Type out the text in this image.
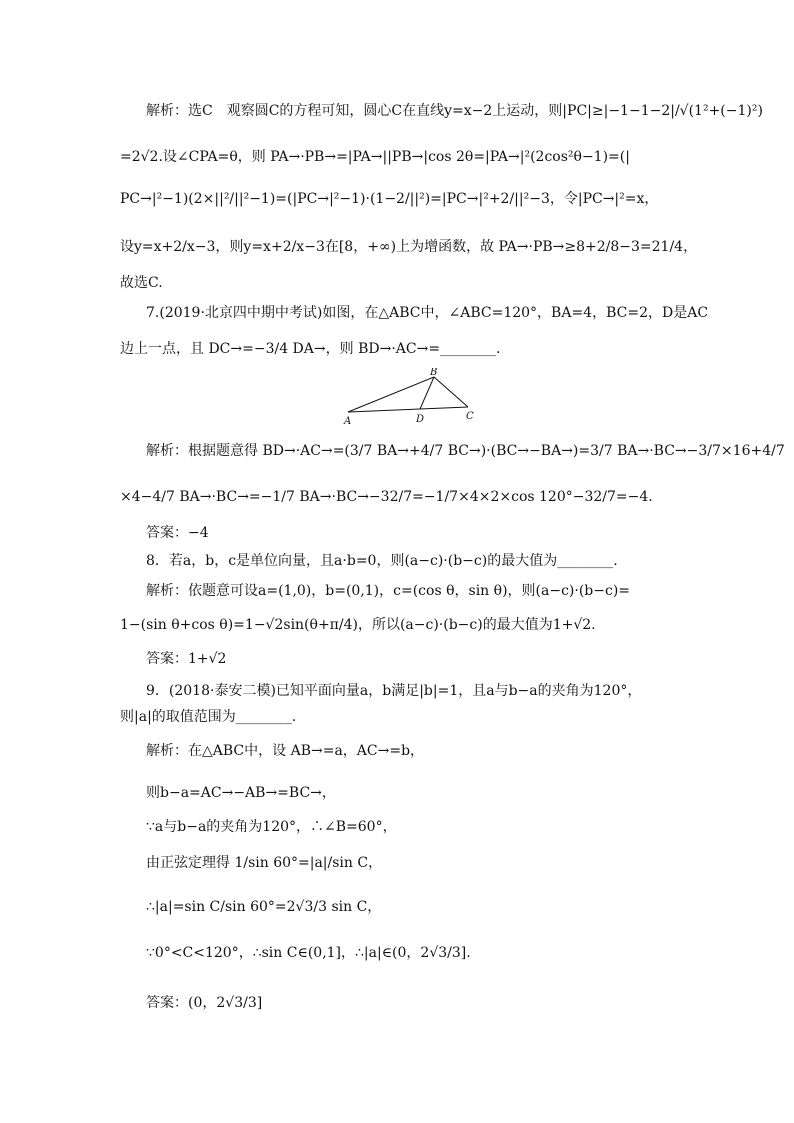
解析：选C　观察圆C的方程可知，圆心C在直线y=x−2上运动，则|PC|≥|−1−1−2|/√(1²+(−1)²)
=2√2.设∠CPA=θ，则 PA→·PB→=|PA→||PB→|cos 2θ=|PA→|²(2cos²θ−1)=(|
PC→|²−1)(2×||²/||²−1)=(|PC→|²−1)·(1−2/||²)=|PC→|²+2/||²−3，令|PC→|²=x，
设y=x+2/x−3，则y=x+2/x−3在[8，+∞)上为增函数，故 PA→·PB→≥8+2/8−3=21/4，
故选C.
7.(2019·北京四中期中考试)如图，在△ABC中，∠ABC=120°，BA=4，BC=2，D是AC
边上一点，且 DC→=−3/4 DA→，则 BD→·AC→=________.
A
B
C
D
解析：根据题意得 BD→·AC→=(3/7 BA→+4/7 BC→)·(BC→−BA→)=3/7 BA→·BC→−3/7×16+4/7
×4−4/7 BA→·BC→=−1/7 BA→·BC→−32/7=−1/7×4×2×cos 120°−32/7=−4.
答案：−4
8．若a，b，c是单位向量，且a·b=0，则(a−c)·(b−c)的最大值为________.
解析：依题意可设a=(1,0)，b=(0,1)，c=(cos θ，sin θ)，则(a−c)·(b−c)=
1−(sin θ+cos θ)=1−√2sin(θ+π/4)，所以(a−c)·(b−c)的最大值为1+√2.
答案：1+√2
9．(2018·泰安二模)已知平面向量a，b满足|b|=1，且a与b−a的夹角为120°，
则|a|的取值范围为________.
解析：在△ABC中，设 AB→=a，AC→=b，
则b−a=AC→−AB→=BC→，
∵a与b−a的夹角为120°，∴∠B=60°，
由正弦定理得 1/sin 60°=|a|/sin C，
∴|a|=sin C/sin 60°=2√3/3 sin C，
∵0°<C<120°，∴sin C∈(0,1]，∴|a|∈(0，2√3/3].
答案：(0，2√3/3]
